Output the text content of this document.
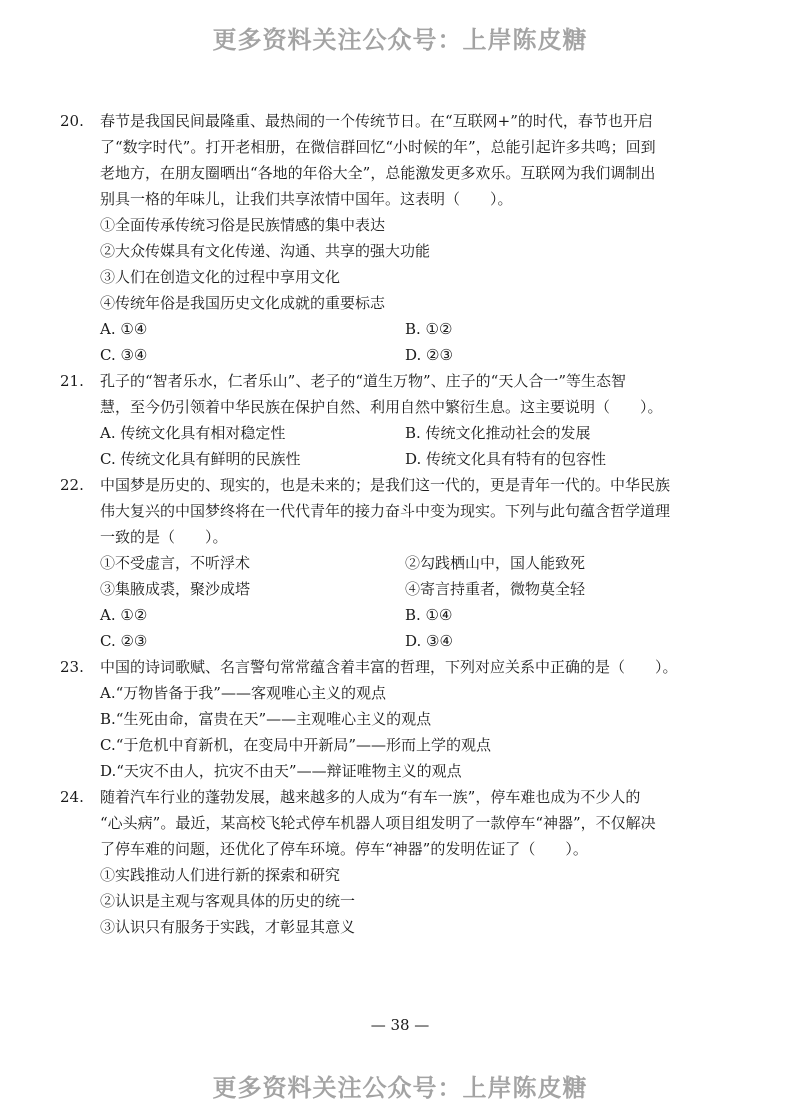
更多资料关注公众号：上岸陈皮糖
20.	春节是我国民间最隆重、最热闹的一个传统节日。在“互联网+”的时代，春节也开启
了“数字时代”。打开老相册，在微信群回忆“小时候的年”，总能引起许多共鸣；回到
老地方，在朋友圈晒出“各地的年俗大全”，总能激发更多欢乐。互联网为我们调制出
别具一格的年味儿，让我们共享浓情中国年。这表明（　　）。
①全面传承传统习俗是民族情感的集中表达
②大众传媒具有文化传递、沟通、共享的强大功能
③人们在创造文化的过程中享用文化
④传统年俗是我国历史文化成就的重要标志
A. ①④	B. ①②
C. ③④	D. ②③
21.	孔子的“智者乐水，仁者乐山”、老子的“道生万物”、庄子的“天人合一”等生态智
慧，至今仍引领着中华民族在保护自然、利用自然中繁衍生息。这主要说明（　　）。
A. 传统文化具有相对稳定性	B. 传统文化推动社会的发展
C. 传统文化具有鲜明的民族性	D. 传统文化具有特有的包容性
22.	中国梦是历史的、现实的，也是未来的；是我们这一代的，更是青年一代的。中华民族
伟大复兴的中国梦终将在一代代青年的接力奋斗中变为现实。下列与此句蕴含哲学道理
一致的是（　　）。
①不受虚言，不听浮术	②勾践栖山中，国人能致死
③集腋成裘，聚沙成塔	④寄言持重者，微物莫全轻
A. ①②	B. ①④
C. ②③	D. ③④
23.	中国的诗词歌赋、名言警句常常蕴含着丰富的哲理，下列对应关系中正确的是（　　）。
A.“万物皆备于我”——客观唯心主义的观点
B.“生死由命，富贵在天”——主观唯心主义的观点
C.“于危机中育新机，在变局中开新局”——形而上学的观点
D.“天灾不由人，抗灾不由天”——辩证唯物主义的观点
24.	随着汽车行业的蓬勃发展，越来越多的人成为“有车一族”，停车难也成为不少人的
“心头病”。最近，某高校飞轮式停车机器人项目组发明了一款停车“神器”，不仅解决
了停车难的问题，还优化了停车环境。停车“神器”的发明佐证了（　　）。
①实践推动人们进行新的探索和研究
②认识是主观与客观具体的历史的统一
③认识只有服务于实践，才彰显其意义
— 38 —
更多资料关注公众号：上岸陈皮糖
